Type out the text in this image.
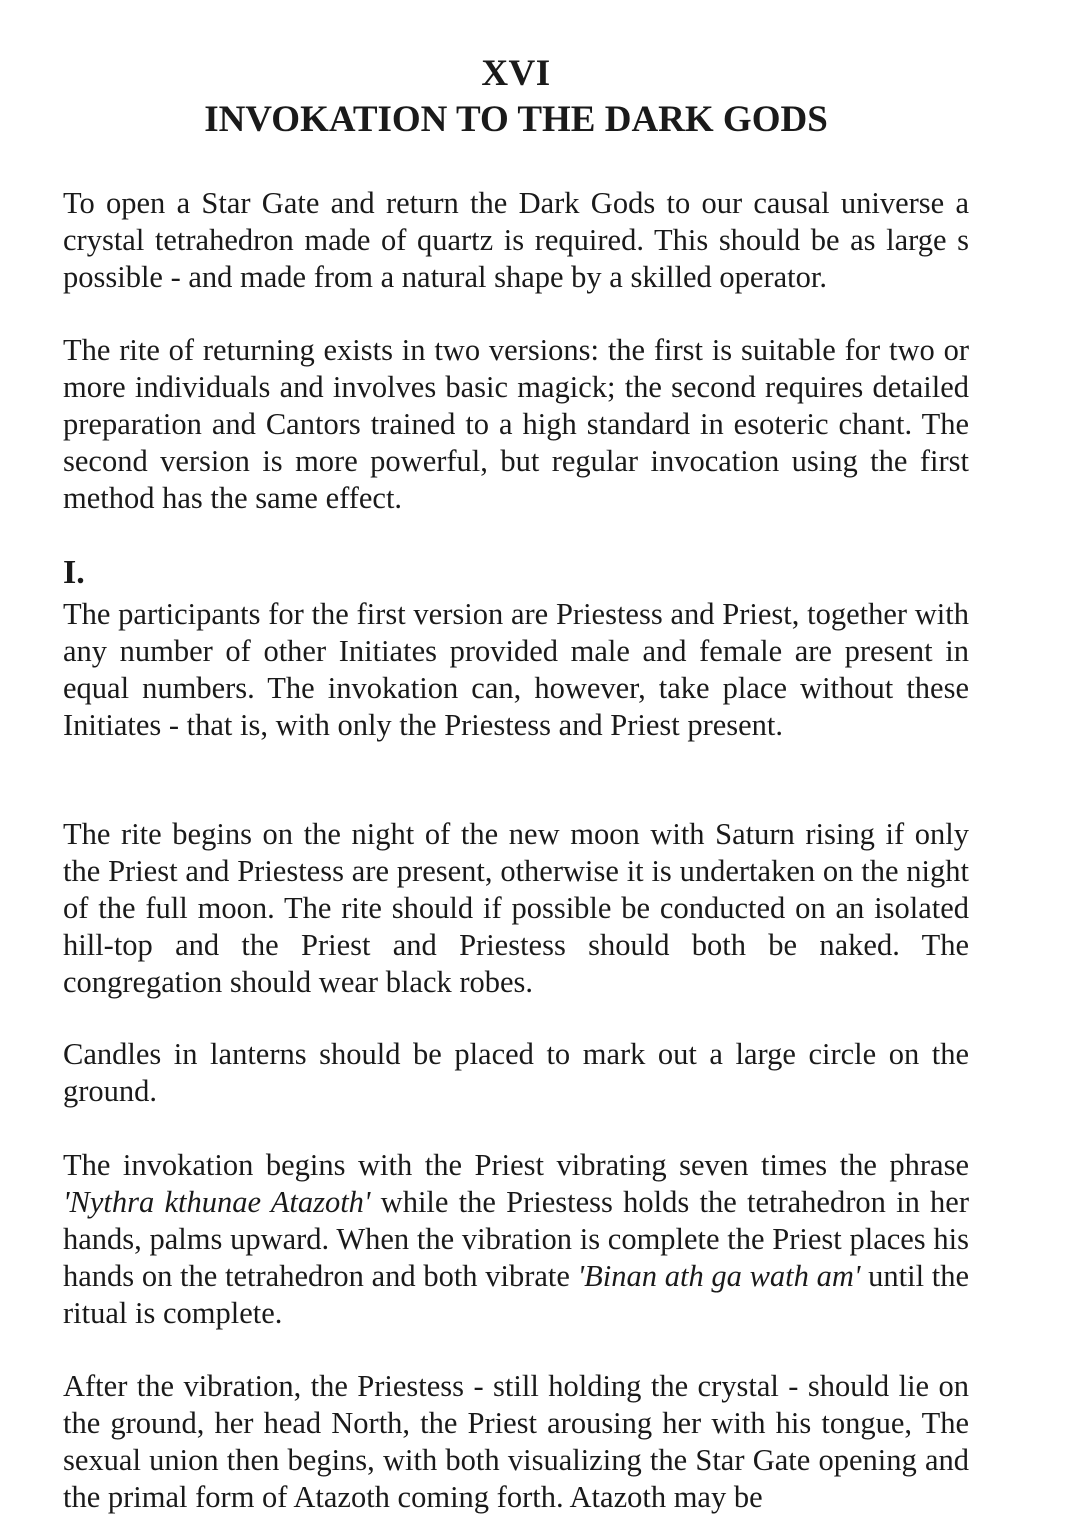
XVI
INVOKATION TO THE DARK GODS

To open a Star Gate and return the Dark Gods to our causal universe a crystal tetrahedron made of quartz is required. This should be as large s possible - and made from a natural shape by a skilled operator.

The rite of returning exists in two versions: the first is suitable for two or more individuals and involves basic magick; the second requires detailed preparation and Cantors trained to a high standard in esoteric chant. The second version is more powerful, but regular invocation using the first method has the same effect.

I.

The participants for the first version are Priestess and Priest, together with any number of other Initiates provided male and female are present in equal numbers. The invokation can, however, take place without these Initiates - that is, with only the Priestess and Priest present.

The rite begins on the night of the new moon with Saturn rising if only the Priest and Priestess are present, otherwise it is undertaken on the night of the full moon. The rite should if possible be conducted on an isolated hill-top and the Priest and Priestess should both be naked. The congregation should wear black robes.

Candles in lanterns should be placed to mark out a large circle on the ground.

The invokation begins with the Priest vibrating seven times the phrase 'Nythra kthunae Atazoth' while the Priestess holds the tetrahedron in her hands, palms upward. When the vibration is complete the Priest places his hands on the tetrahedron and both vibrate 'Binan ath ga wath am' until the ritual is complete.

After the vibration, the Priestess - still holding the crystal - should lie on the ground, her head North, the Priest arousing her with his tongue, The sexual union then begins, with both visualizing the Star Gate opening and the primal form of Atazoth coming forth. Atazoth may be
